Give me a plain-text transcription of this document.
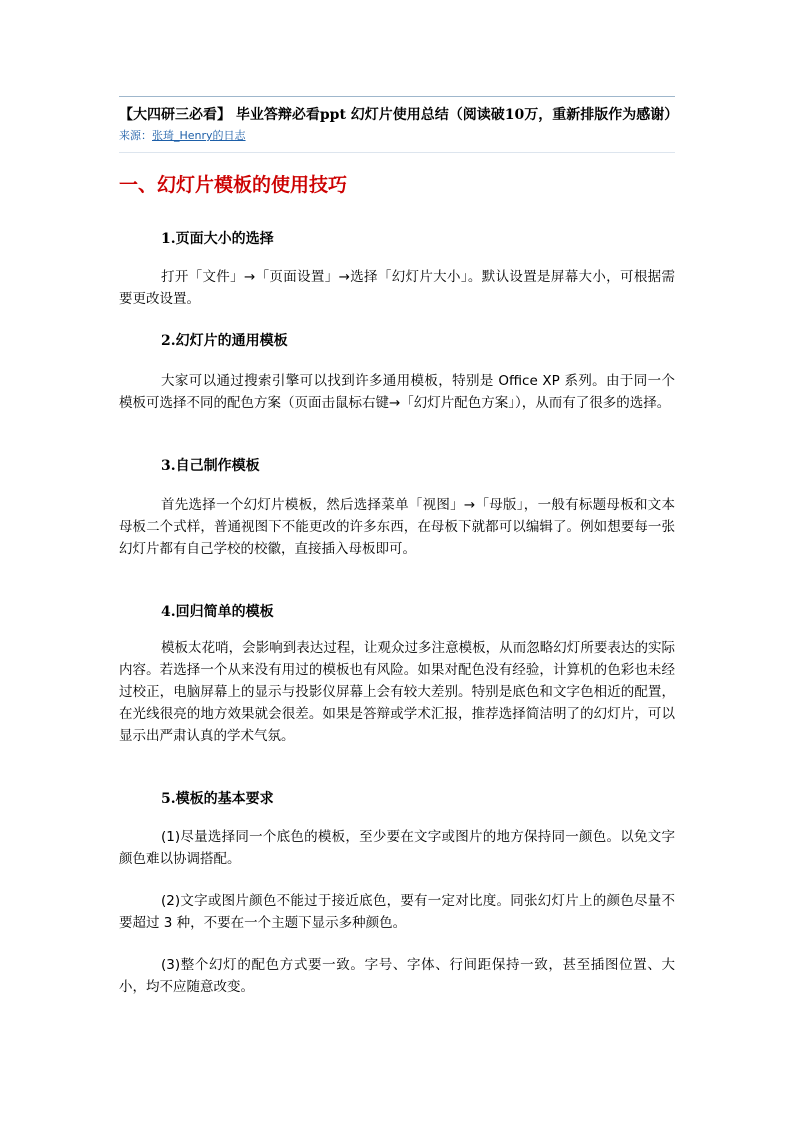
【大四研三必看】 毕业答辩必看ppt 幻灯片使用总结（阅读破10万，重新排版作为感谢）来源：张琦_Henry的日志
一、幻灯片模板的使用技巧
1.页面大小的选择

打开「文件」→「页面设置」→选择「幻灯片大小」。默认设置是屏幕大小，可根据需要更改设置。

2.幻灯片的通用模板

大家可以通过搜索引擎可以找到许多通用模板，特别是 Office XP 系列。由于同一个模板可选择不同的配色方案（页面击鼠标右键→「幻灯片配色方案」），从而有了很多的选择。

3.自己制作模板

首先选择一个幻灯片模板，然后选择菜单「视图」→「母版」，一般有标题母板和文本母板二个式样，普通视图下不能更改的许多东西，在母板下就都可以编辑了。例如想要每一张幻灯片都有自己学校的校徽，直接插入母板即可。

4.回归简单的模板

模板太花哨，会影响到表达过程，让观众过多注意模板，从而忽略幻灯所要表达的实际内容。若选择一个从来没有用过的模板也有风险。如果对配色没有经验，计算机的色彩也未经过校正，电脑屏幕上的显示与投影仪屏幕上会有较大差别。特别是底色和文字色相近的配置，在光线很亮的地方效果就会很差。如果是答辩或学术汇报，推荐选择简洁明了的幻灯片，可以显示出严肃认真的学术气氛。

5.模板的基本要求

(1)尽量选择同一个底色的模板，至少要在文字或图片的地方保持同一颜色。以免文字颜色难以协调搭配。

(2)文字或图片颜色不能过于接近底色，要有一定对比度。同张幻灯片上的颜色尽量不要超过 3 种，不要在一个主题下显示多种颜色。

(3)整个幻灯的配色方式要一致。字号、字体、行间距保持一致，甚至插图位置、大小，均不应随意改变。
